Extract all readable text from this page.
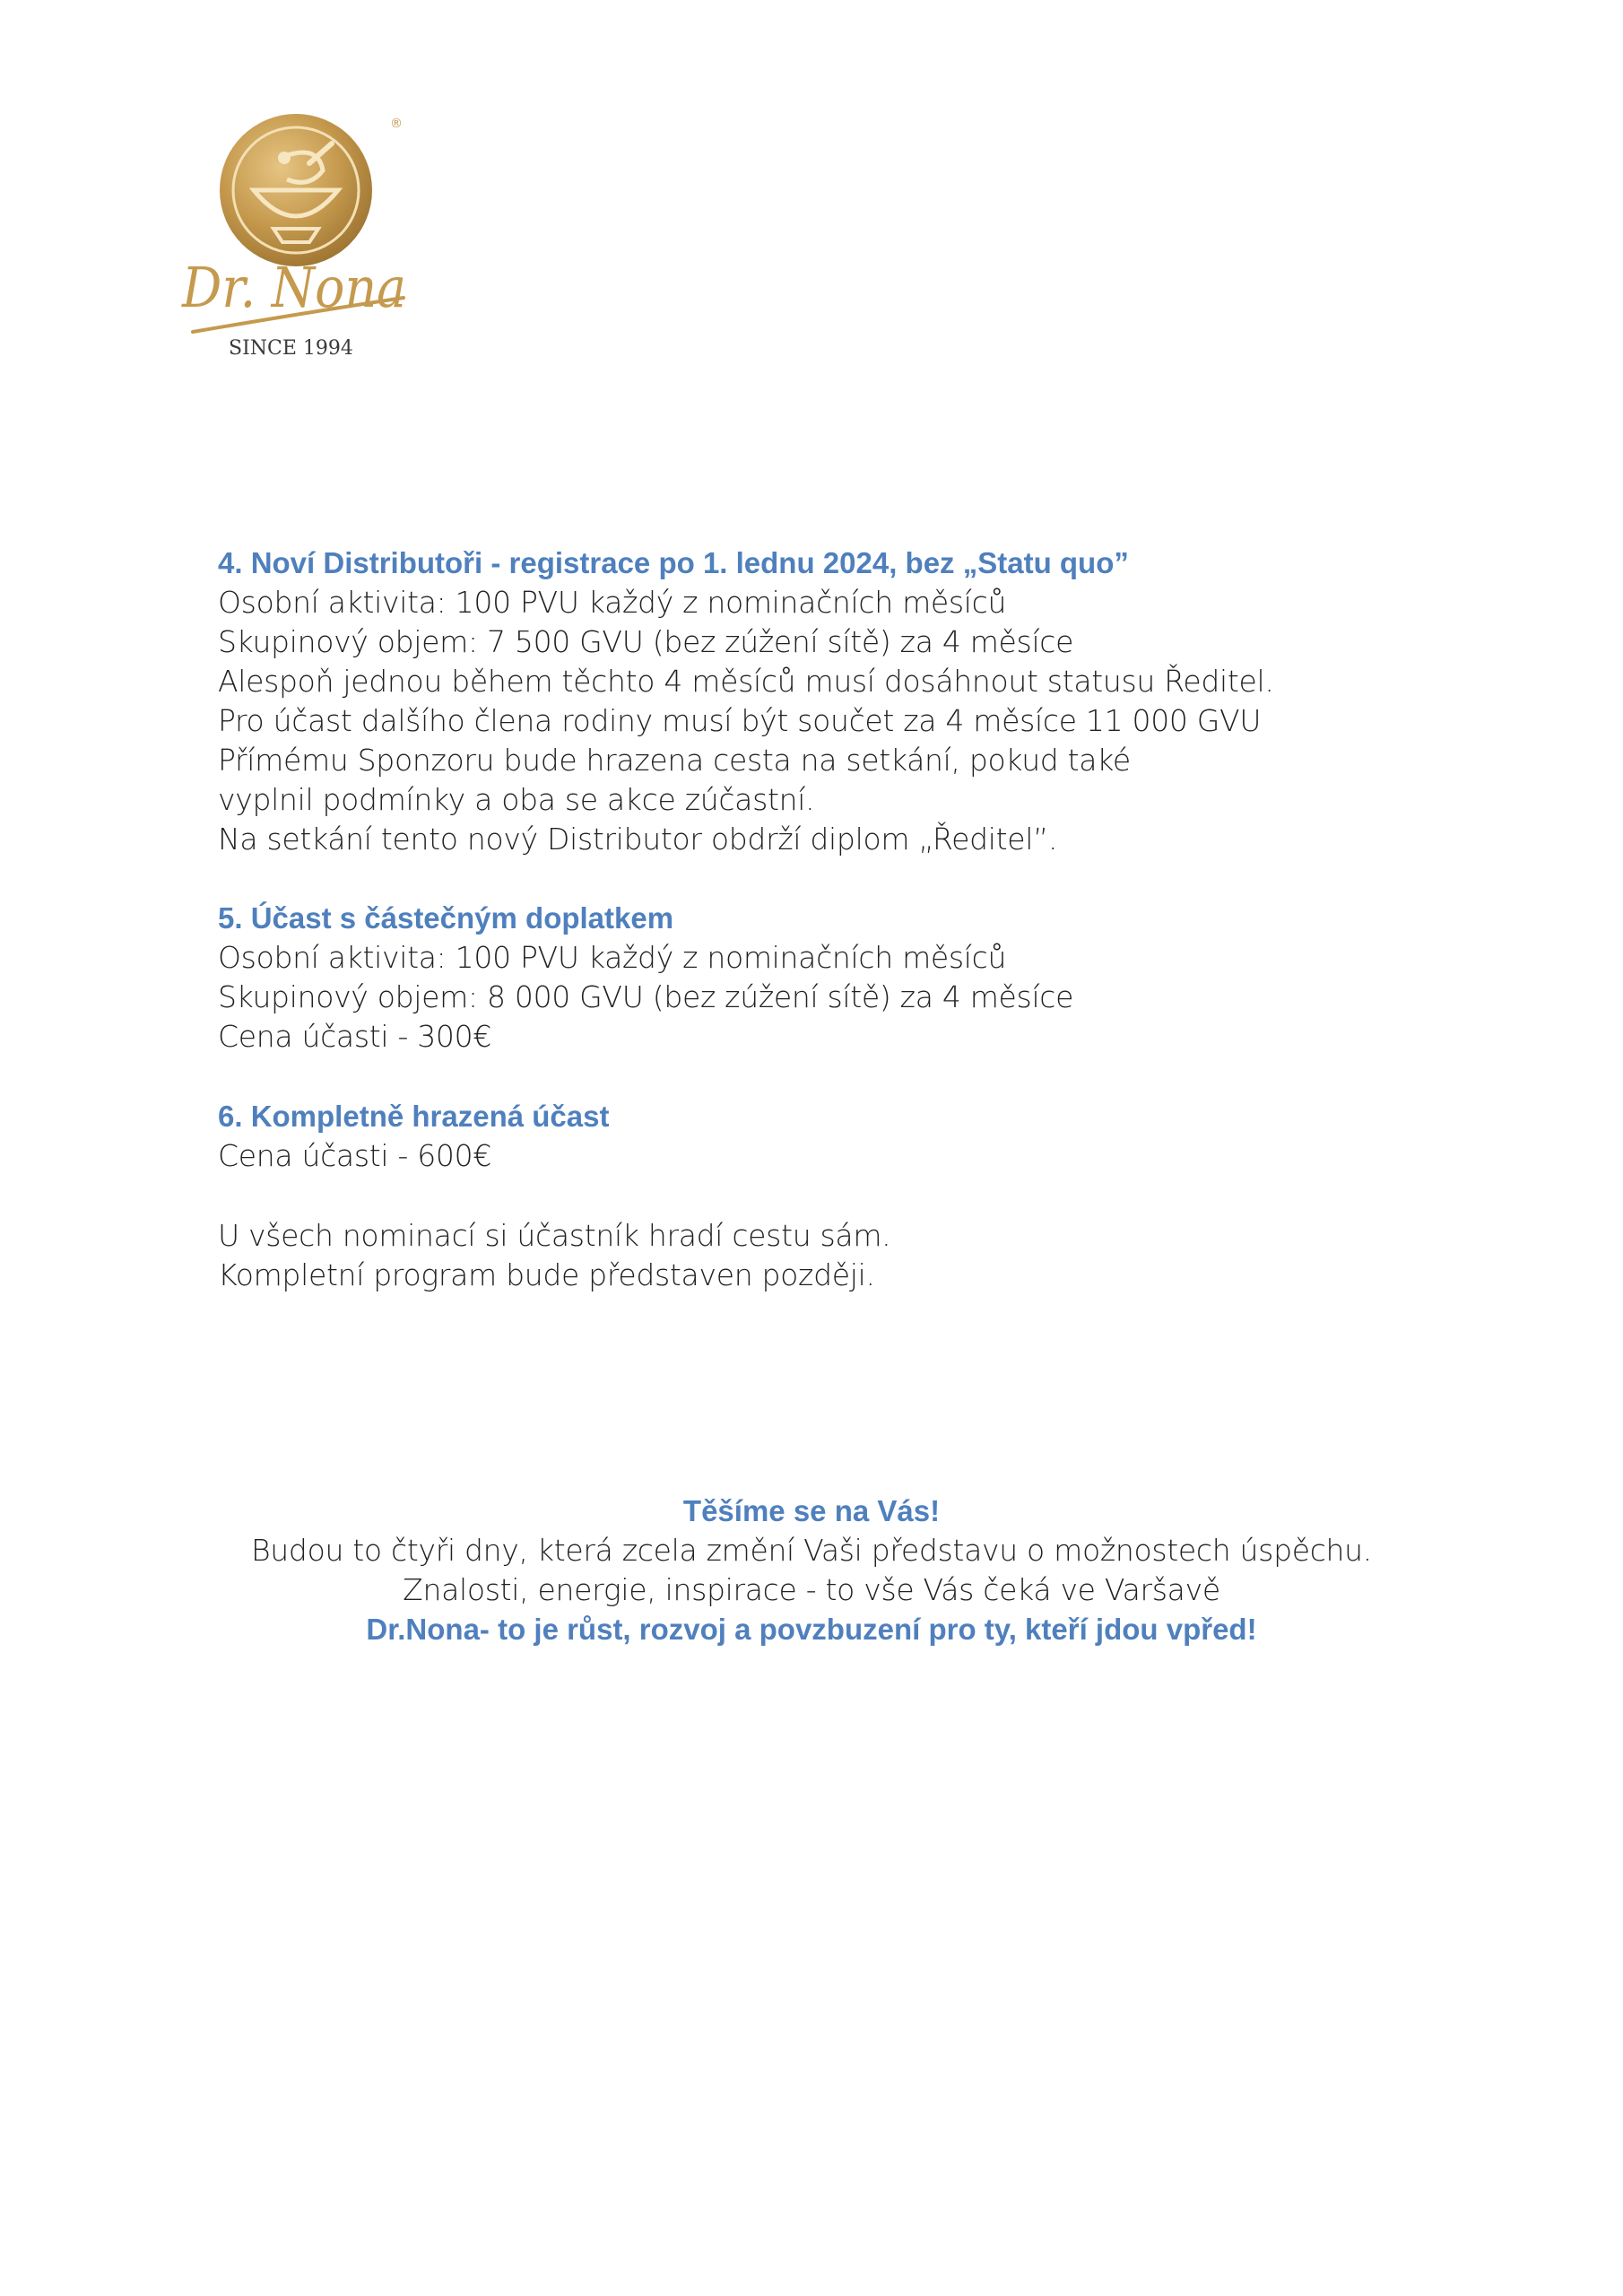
®
Dr. Nona
SINCE 1994
4. Noví Distributoři - registrace po 1. lednu 2024, bez „Statu quo”
Osobní aktivita: 100 PVU každý z nominačních měsíců
Skupinový objem: 7 500 GVU (bez zúžení sítě) za 4 měsíce
Alespoň jednou během těchto 4 měsíců musí dosáhnout statusu Ředitel.
Pro účast dalšího člena rodiny musí být součet za 4 měsíce 11 000 GVU
Přímému Sponzoru bude hrazena cesta na setkání, pokud také
vyplnil podmínky a oba se akce zúčastní.
Na setkání tento nový Distributor obdrží diplom „Ředitel”.
5. Účast s částečným doplatkem
Osobní aktivita: 100 PVU každý z nominačních měsíců
Skupinový objem: 8 000 GVU (bez zúžení sítě) za 4 měsíce
Cena účasti - 300€
6. Kompletně hrazená účast
Cena účasti - 600€
U všech nominací si účastník hradí cestu sám.
Kompletní program bude představen později.
Těšíme se na Vás!
Budou to čtyři dny, která zcela změní Vaši představu o možnostech úspěchu.
Znalosti, energie, inspirace - to vše Vás čeká ve Varšavě
Dr.Nona- to je růst, rozvoj a povzbuzení pro ty, kteří jdou vpřed!
